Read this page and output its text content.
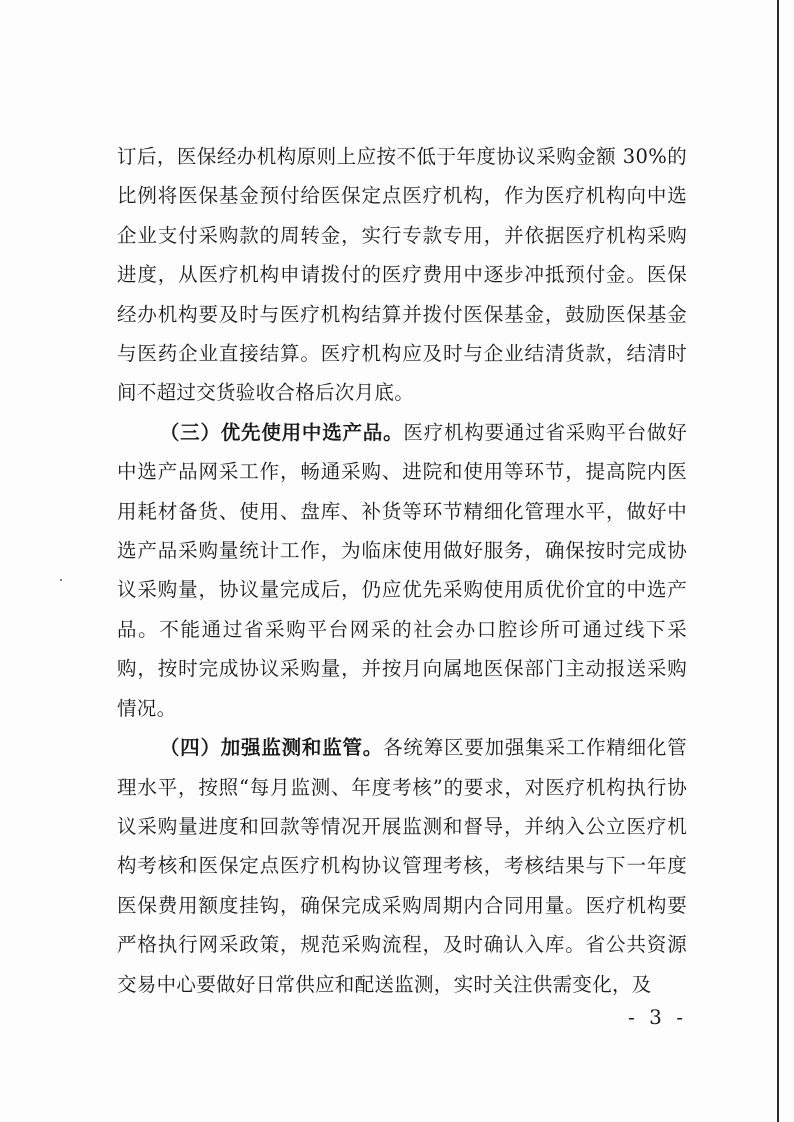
订后，医保经办机构原则上应按不低于年度协议采购金额 30%的比例将医保基金预付给医保定点医疗机构，作为医疗机构向中选企业支付采购款的周转金，实行专款专用，并依据医疗机构采购进度，从医疗机构申请拨付的医疗费用中逐步冲抵预付金。医保经办机构要及时与医疗机构结算并拨付医保基金，鼓励医保基金与医药企业直接结算。医疗机构应及时与企业结清货款，结清时间不超过交货验收合格后次月底。

（三）优先使用中选产品。医疗机构要通过省采购平台做好中选产品网采工作，畅通采购、进院和使用等环节，提高院内医用耗材备货、使用、盘库、补货等环节精细化管理水平，做好中选产品采购量统计工作，为临床使用做好服务，确保按时完成协议采购量，协议量完成后，仍应优先采购使用质优价宜的中选产品。不能通过省采购平台网采的社会办口腔诊所可通过线下采购，按时完成协议采购量，并按月向属地医保部门主动报送采购情况。

（四）加强监测和监管。各统筹区要加强集采工作精细化管理水平，按照“每月监测、年度考核”的要求，对医疗机构执行协议采购量进度和回款等情况开展监测和督导，并纳入公立医疗机构考核和医保定点医疗机构协议管理考核，考核结果与下一年度医保费用额度挂钩，确保完成采购周期内合同用量。医疗机构要严格执行网采政策，规范采购流程，及时确认入库。省公共资源交易中心要做好日常供应和配送监测，实时关注供需变化，及

- 3 -
